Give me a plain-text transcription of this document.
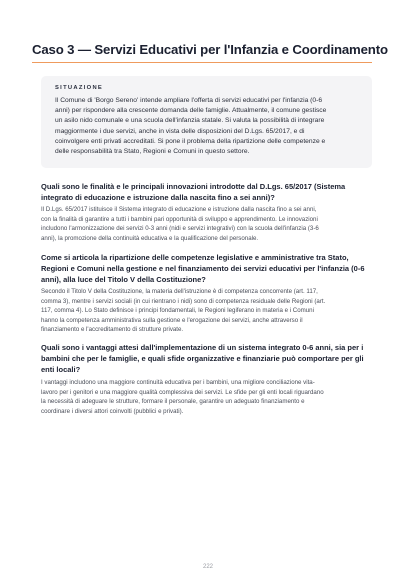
Caso 3 — Servizi Educativi per l'Infanzia e Coordinamento
SITUAZIONE
Il Comune di 'Borgo Sereno' intende ampliare l'offerta di servizi educativi per l'infanzia (0-6
anni) per rispondere alla crescente domanda delle famiglie. Attualmente, il comune gestisce
un asilo nido comunale e una scuola dell'infanzia statale. Si valuta la possibilità di integrare
maggiormente i due servizi, anche in vista delle disposizioni del D.Lgs. 65/2017, e di
coinvolgere enti privati accreditati. Si pone il problema della ripartizione delle competenze e
delle responsabilità tra Stato, Regioni e Comuni in questo settore.
Quali sono le finalità e le principali innovazioni introdotte dal D.Lgs. 65/2017 (Sistema
integrato di educazione e istruzione dalla nascita fino a sei anni)?
Il D.Lgs. 65/2017 istituisce il Sistema integrato di educazione e istruzione dalla nascita fino a sei anni,
con la finalità di garantire a tutti i bambini pari opportunità di sviluppo e apprendimento. Le innovazioni
includono l'armonizzazione dei servizi 0-3 anni (nidi e servizi integrativi) con la scuola dell'infanzia (3-6
anni), la promozione della continuità educativa e la qualificazione del personale.
Come si articola la ripartizione delle competenze legislative e amministrative tra Stato,
Regioni e Comuni nella gestione e nel finanziamento dei servizi educativi per l'infanzia (0-6
anni), alla luce del Titolo V della Costituzione?
Secondo il Titolo V della Costituzione, la materia dell'istruzione è di competenza concorrente (art. 117,
comma 3), mentre i servizi sociali (in cui rientrano i nidi) sono di competenza residuale delle Regioni (art.
117, comma 4). Lo Stato definisce i principi fondamentali, le Regioni legiferano in materia e i Comuni
hanno la competenza amministrativa sulla gestione e l'erogazione dei servizi, anche attraverso il
finanziamento e l'accreditamento di strutture private.
Quali sono i vantaggi attesi dall'implementazione di un sistema integrato 0-6 anni, sia per i
bambini che per le famiglie, e quali sfide organizzative e finanziarie può comportare per gli
enti locali?
I vantaggi includono una maggiore continuità educativa per i bambini, una migliore conciliazione vita-
lavoro per i genitori e una maggiore qualità complessiva dei servizi. Le sfide per gli enti locali riguardano
la necessità di adeguare le strutture, formare il personale, garantire un adeguato finanziamento e
coordinare i diversi attori coinvolti (pubblici e privati).
222
